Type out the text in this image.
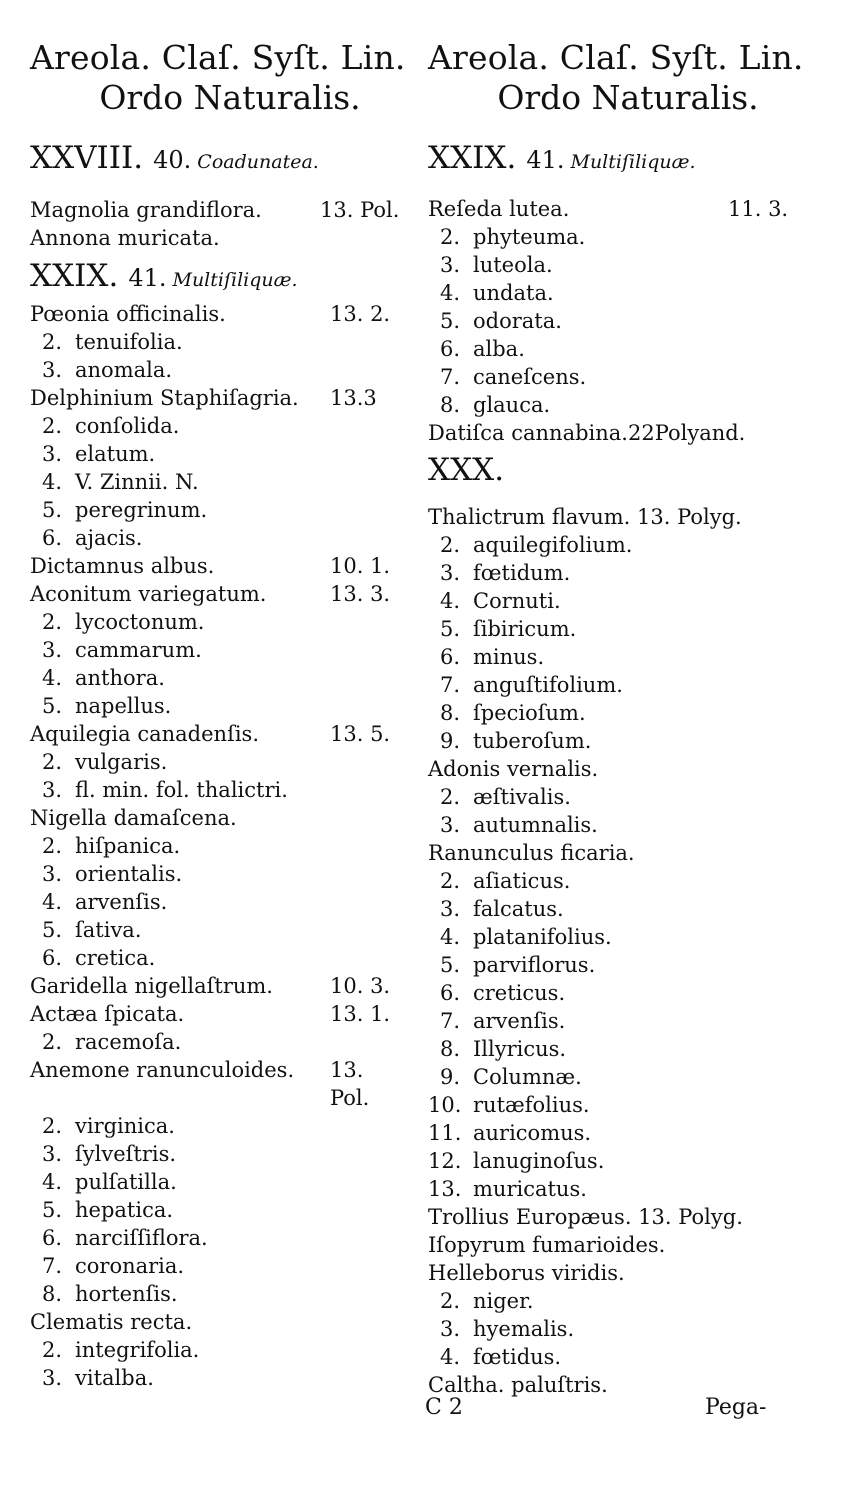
Areola. Claſ. Syſt. Lin.
Ordo Naturalis.
XXVIII. 40. Coadunatea.
Magnolia grandiflora.	13. Pol.
Annona muricata.
XXIX. 41. Multiſiliquæ.
Pœonia officinalis.	13. 2.
2. tenuifolia.
3. anomala.
Delphinium Staphiſagria. 13.3
2. conſolida.
3. elatum.
4. V. Zinnii. N.
5. peregrinum.
6. ajacis.
Dictamnus albus.	10. 1.
Aconitum variegatum.	13. 3.
2. lycoctonum.
3. cammarum.
4. anthora.
5. napellus.
Aquilegia canadenſis.	13. 5.
2. vulgaris.
3. fl. min. fol. thalictri.
Nigella damaſcena.
2. hiſpanica.
3. orientalis.
4. arvenſis.
5. ſativa.
6. cretica.
Garidella nigellaſtrum.	10. 3.
Actæa ſpicata.	13. 1.
2. racemoſa.
Anemone ranunculoides. 13.
Pol.
2. virginica.
3. ſylveſtris.
4. pulſatilla.
5. hepatica.
6. narciſſiflora.
7. coronaria.
8. hortenſis.
Clematis recta.
2. integrifolia.
3. vitalba.
Areola. Claſ. Syſt. Lin.
Ordo Naturalis.
XXIX. 41. Multiſiliquæ.
Reſeda lutea.	11. 3.
2. phyteuma.
3. luteola.
4. undata.
5. odorata.
6. alba.
7. caneſcens.
8. glauca.
Datiſca cannabina.22Polyand.
XXX.
Thalictrum flavum. 13. Polyg.
2. aquilegifolium.
3. fœtidum.
4. Cornuti.
5. ſibiricum.
6. minus.
7. anguſtifolium.
8. ſpecioſum.
9. tuberoſum.
Adonis vernalis.
2. æſtivalis.
3. autumnalis.
Ranunculus ficaria.
2. aſiaticus.
3. falcatus.
4. platanifolius.
5. parviflorus.
6. creticus.
7. arvenſis.
8. Illyricus.
9. Columnæ.
10. rutæfolius.
11. auricomus.
12. lanuginoſus.
13. muricatus.
Trollius Europæus. 13. Polyg.
Iſopyrum fumarioides.
Helleborus viridis.
2. niger.
3. hyemalis.
4. fœtidus.
Caltha. paluſtris.
C 2	Pega-
